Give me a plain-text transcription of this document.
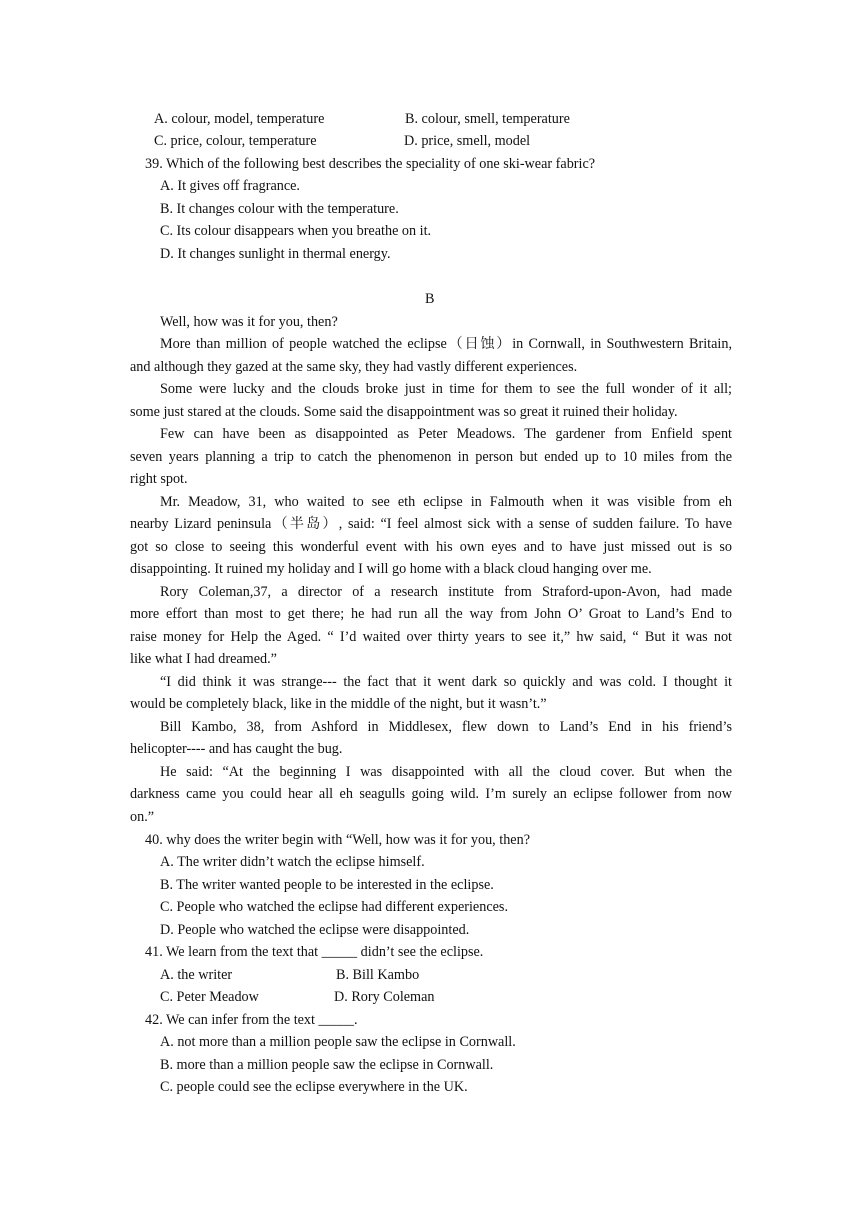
A. colour, model, temperature	B. colour, smell, temperature
C. price, colour, temperature	D. price, smell, model
39. Which of the following best describes the speciality of one ski-wear fabric?
A. It gives off fragrance.
B. It changes colour with the temperature.
C. Its colour disappears when you breathe on it.
D. It changes sunlight in thermal energy.
B
Well, how was it for you, then?
More than million of people watched the eclipse（日蚀）in Cornwall, in Southwestern Britain,
and although they gazed at the same sky, they had vastly different experiences.
Some were lucky and the clouds broke just in time for them to see the full wonder of it all;
some just stared at the clouds. Some said the disappointment was so great it ruined their holiday.
Few can have been as disappointed as Peter Meadows. The gardener from Enfield spent
seven years planning a trip to catch the phenomenon in person but ended up to 10 miles from the
right spot.
Mr. Meadow, 31, who waited to see eth eclipse in Falmouth when it was visible from eh
nearby Lizard peninsula（半岛）, said: “I feel almost sick with a sense of sudden failure. To have
got so close to seeing this wonderful event with his own eyes and to have just missed out is so
disappointing. It ruined my holiday and I will go home with a black cloud hanging over me.
Rory Coleman,37, a director of a research institute from Straford-upon-Avon, had made
more effort than most to get there; he had run all the way from John O’ Groat to Land’s End to
raise money for Help the Aged. “ I’d waited over thirty years to see it,” hw said, “ But it was not
like what I had dreamed.”
“I did think it was strange--- the fact that it went dark so quickly and was cold. I thought it
would be completely black, like in the middle of the night, but it wasn’t.”
Bill Kambo, 38, from Ashford in Middlesex, flew down to Land’s End in his friend’s
helicopter---- and has caught the bug.
He said: “At the beginning I was disappointed with all the cloud cover. But when the
darkness came you could hear all eh seagulls going wild. I’m surely an eclipse follower from now
on.”
40. why does the writer begin with “Well, how was it for you, then?
A. The writer didn’t watch the eclipse himself.
B. The writer wanted people to be interested in the eclipse.
C. People who watched the eclipse had different experiences.
D. People who watched the eclipse were disappointed.
41. We learn from the text that _____ didn’t see the eclipse.
A. the writer	B. Bill Kambo
C. Peter Meadow	D. Rory Coleman
42. We can infer from the text _____.
A. not more than a million people saw the eclipse in Cornwall.
B. more than a million people saw the eclipse in Cornwall.
C. people could see the eclipse everywhere in the UK.
